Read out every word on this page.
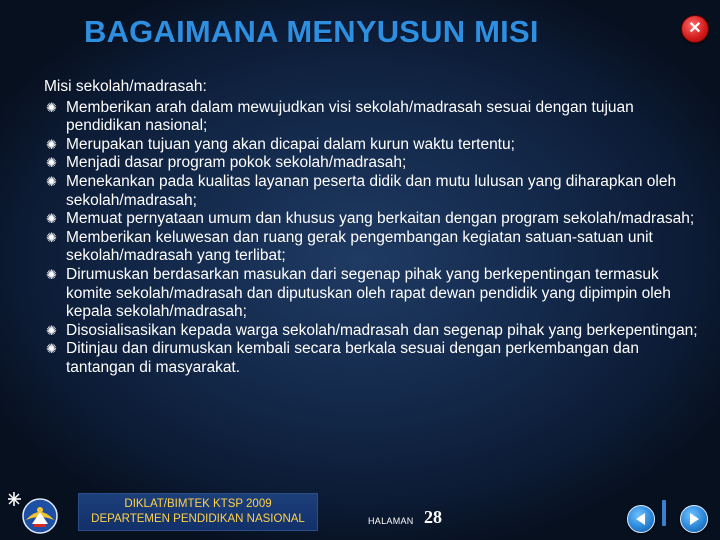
BAGAIMANA MENYUSUN MISI	✕
Misi sekolah/madrasah:
✺ Memberikan arah dalam mewujudkan visi sekolah/madrasah sesuai dengan tujuan pendidikan nasional;
✺ Merupakan tujuan yang akan dicapai dalam kurun waktu tertentu;
✺ Menjadi dasar program pokok sekolah/madrasah;
✺ Menekankan pada kualitas layanan peserta didik dan mutu lulusan yang diharapkan oleh sekolah/madrasah;
✺ Memuat pernyataan umum dan khusus yang berkaitan dengan program sekolah/madrasah;
✺ Memberikan keluwesan dan ruang gerak pengembangan kegiatan satuan-satuan unit sekolah/madrasah yang terlibat;
✺ Dirumuskan berdasarkan masukan dari segenap pihak yang berkepentingan termasuk komite sekolah/madrasah dan diputuskan oleh rapat dewan pendidik yang dipimpin oleh kepala sekolah/madrasah;
✺ Disosialisasikan kepada warga sekolah/madrasah dan segenap pihak yang berkepentingan;
✺ Ditinjau dan dirumuskan kembali secara berkala sesuai dengan perkembangan dan tantangan di masyarakat.
DIKLAT/BIMTEK KTSP 2009
DEPARTEMEN PENDIDIKAN NASIONAL	HALAMAN 28
